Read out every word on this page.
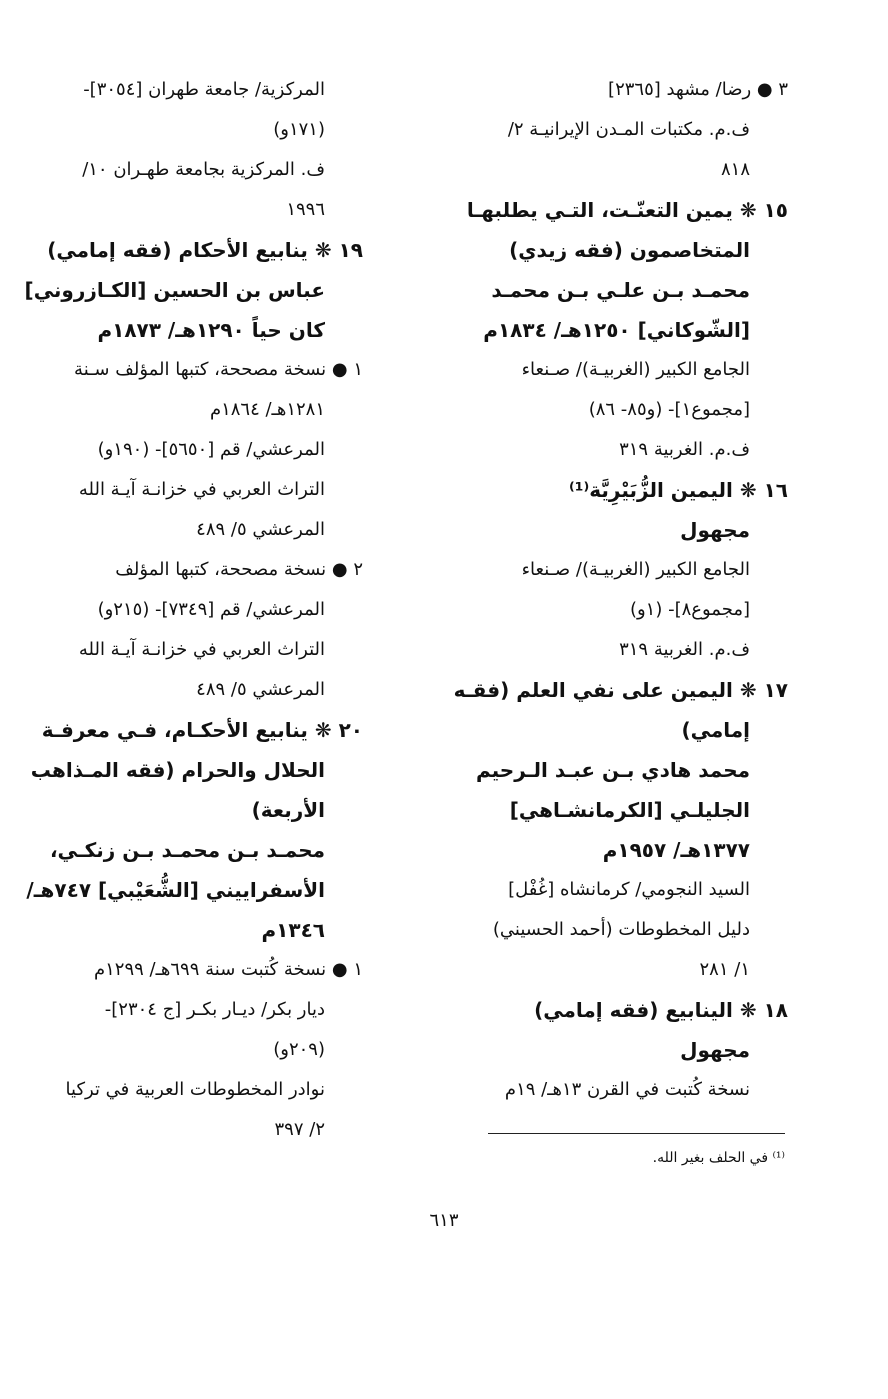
٣ ● رضا/ مشهد [٢٣٦٥]
ف.م. مكتبات المـدن الإيرانيـة ٢/
٨١٨
١٥ ❋ يمين التعنّـت، التـي يطلبهـا
المتخاصمون (فقه زيدي)
محمـد بـن علـي بـن محمـد
[الشّوكاني] ١٢٥٠هـ/ ١٨٣٤م
الجامع الكبير (الغربيـة)/ صـنعاء
[مجموع١]- (و٨٥- ٨٦)
ف.م. الغربية ٣١٩
١٦ ❋ اليمين الزُّبَيْرِيَّة⁽¹⁾
مجهول
الجامع الكبير (الغربيـة)/ صـنعاء
[مجموع٨]- (١و)
ف.م. الغربية ٣١٩
١٧ ❋ اليمين على نفي العلم (فقـه
إمامي)
محمد هادي بـن عبـد الـرحيم
الجليلـي [الكرمانشـاهي]
١٣٧٧هـ/ ١٩٥٧م
السيد النجومي/ كرمانشاه [غُفْل]
دليل المخطوطات (أحمد الحسيني)
١/ ٢٨١
١٨ ❋ الينابيع (فقه إمامي)
مجهول
نسخة كُتبت في القرن ١٣هـ/ ١٩م
المركزية/ جامعة طهران [٣٠٥٤]-
(١٧١و)
ف. المركزية بجامعة طهـران ١٠/
١٩٩٦
١٩ ❋ ينابيع الأحكام (فقه إمامي)
عباس بن الحسين [الكـازروني]
كان حياً ١٢٩٠هـ/ ١٨٧٣م
١ ● نسخة مصححة، كتبها المؤلف سـنة
١٢٨١هـ/ ١٨٦٤م
المرعشي/ قم [٥٦٥٠]- (١٩٠و)
التراث العربي في خزانـة آيـة الله
المرعشي ٥/ ٤٨٩
٢ ● نسخة مصححة، كتبها المؤلف
المرعشي/ قم [٧٣٤٩]- (٢١٥و)
التراث العربي في خزانـة آيـة الله
المرعشي ٥/ ٤٨٩
٢٠ ❋ ينابيع الأحكـام، فـي معرفـة
الحلال والحرام (فقه المـذاهب
الأربعة)
محمـد بـن محمـد بـن زنكـي،
الأسفراييني [الشُّعَيْبي] ٧٤٧هـ/
١٣٤٦م
١ ● نسخة كُتبت سنة ٦٩٩هـ/ ١٢٩٩م
ديار بكر/ ديـار بكـر [ج ٢٣٠٤]-
(٢٠٩و)
نوادر المخطوطات العربية في تركيا
٢/ ٣٩٧
⁽¹⁾ في الحلف بغير الله.
٦١٣
